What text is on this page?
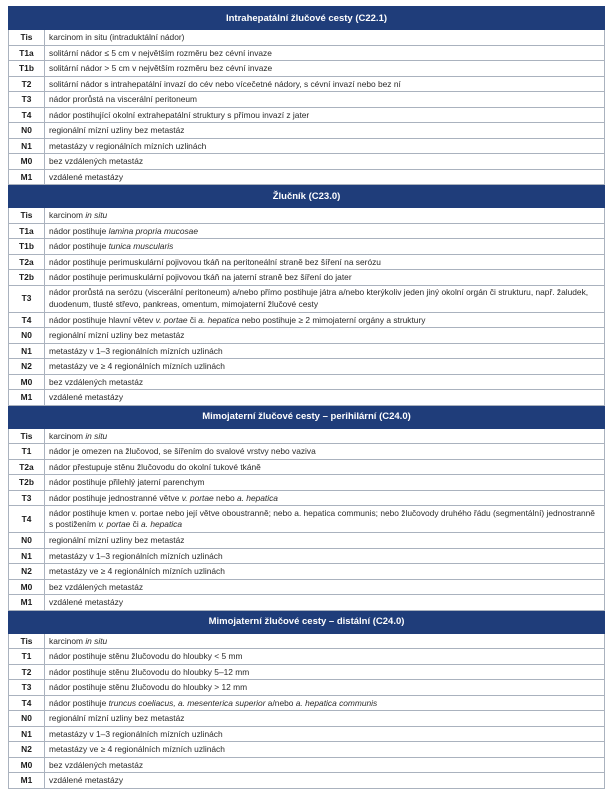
Intrahepatální žlučové cesty (C22.1)	
Tis	karcinom in situ (intraduktální nádor)
T1a	solitární nádor ≤ 5 cm v největším rozměru bez cévní invaze
T1b	solitární nádor > 5 cm v největším rozměru bez cévní invaze
T2	solitární nádor s intrahepatální invazí do cév nebo vícečetné nádory, s cévní invazí nebo bez ní
T3	nádor prorůstá na viscerální peritoneum
T4	nádor postihující okolní extrahepatální struktury s přímou invazí z jater
N0	regionální mízní uzliny bez metastáz
N1	metastázy v regionálních mízních uzlinách
M0	bez vzdálených metastáz
M1	vzdálené metastázy
Žlučník (C23.0)	
Tis	karcinom in situ
T1a	nádor postihuje lamina propria mucosae
T1b	nádor postihuje tunica muscularis
T2a	nádor postihuje perimuskulární pojivovou tkáň na peritoneální straně bez šíření na serózu
T2b	nádor postihuje perimuskulární pojivovou tkáň na jaterní straně bez šíření do jater
T3	nádor prorůstá na serózu (viscerální peritoneum) a/nebo přímo postihuje játra a/nebo kterýkoliv jeden jiný okolní orgán či strukturu, např. žaludek, duodenum, tlusté střevo, pankreas, omentum, mimojaterní žlučové cesty
T4	nádor postihuje hlavní větev v. portae či a. hepatica nebo postihuje ≥ 2 mimojaterní orgány a struktury
N0	regionální mízní uzliny bez metastáz
N1	metastázy v 1–3 regionálních mízních uzlinách
N2	metastázy ve ≥ 4 regionálních mízních uzlinách
M0	bez vzdálených metastáz
M1	vzdálené metastázy
Mimojaterní žlučové cesty – perihilární (C24.0)	
Tis	karcinom in situ
T1	nádor je omezen na žlučovod, se šířením do svalové vrstvy nebo vaziva
T2a	nádor přestupuje stěnu žlučovodu do okolní tukové tkáně
T2b	nádor postihuje přilehlý jaterní parenchym
T3	nádor postihuje jednostranné větve v. portae nebo a. hepatica
T4	nádor postihuje kmen v. portae nebo její větve oboustranně; nebo a. hepatica communis; nebo žlučovody druhého řádu (segmentální) jednostranně s postižením v. portae či a. hepatica
N0	regionální mízní uzliny bez metastáz
N1	metastázy v 1–3 regionálních mízních uzlinách
N2	metastázy ve ≥ 4 regionálních mízních uzlinách
M0	bez vzdálených metastáz
M1	vzdálené metastázy
Mimojaterní žlučové cesty – distální (C24.0)	
Tis	karcinom in situ
T1	nádor postihuje stěnu žlučovodu do hloubky < 5 mm
T2	nádor postihuje stěnu žlučovodu do hloubky 5–12 mm
T3	nádor postihuje stěnu žlučovodu do hloubky > 12 mm
T4	nádor postihuje truncus coeliacus, a. mesenterica superior a/nebo a. hepatica communis
N0	regionální mízní uzliny bez metastáz
N1	metastázy v 1–3 regionálních mízních uzlinách
N2	metastázy ve ≥ 4 regionálních mízních uzlinách
M0	bez vzdálených metastáz
M1	vzdálené metastázy
